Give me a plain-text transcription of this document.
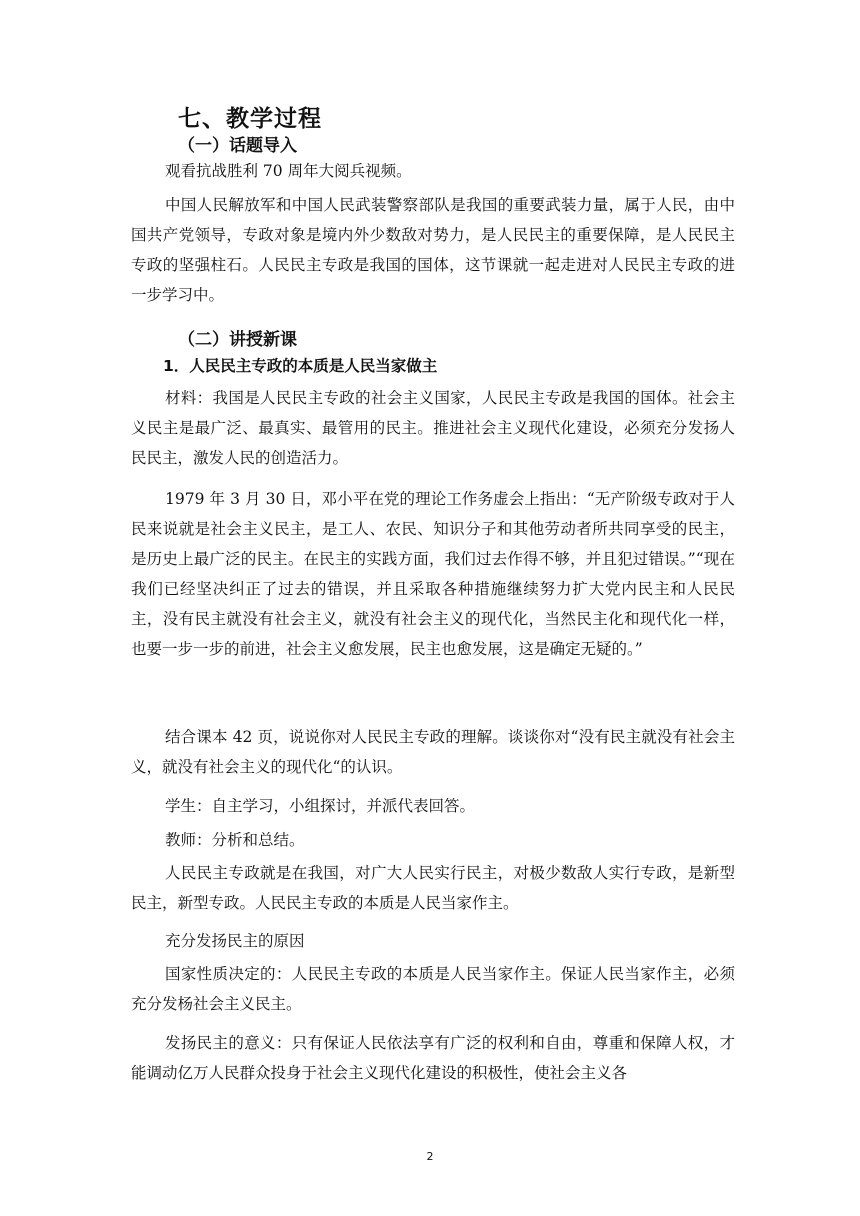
七、教学过程
（一）话题导入

观看抗战胜利 70 周年大阅兵视频。

中国人民解放军和中国人民武装警察部队是我国的重要武装力量，属于人民，由中国共产党领导，专政对象是境内外少数敌对势力，是人民民主的重要保障，是人民民主专政的坚强柱石。人民民主专政是我国的国体，这节课就一起走进对人民民主专政的进一步学习中。

（二）讲授新课
1．人民民主专政的本质是人民当家做主

材料：我国是人民民主专政的社会主义国家，人民民主专政是我国的国体。社会主义民主是最广泛、最真实、最管用的民主。推进社会主义现代化建设，必须充分发扬人民民主，激发人民的创造活力。

1979 年 3 月 30 日，邓小平在党的理论工作务虚会上指出：“无产阶级专政对于人民来说就是社会主义民主，是工人、农民、知识分子和其他劳动者所共同享受的民主，是历史上最广泛的民主。在民主的实践方面，我们过去作得不够，并且犯过错误。”“现在我们已经坚决纠正了过去的错误，并且采取各种措施继续努力扩大党内民主和人民民主，没有民主就没有社会主义，就没有社会主义的现代化，当然民主化和现代化一样，也要一步一步的前进，社会主义愈发展，民主也愈发展，这是确定无疑的。”

结合课本 42 页，说说你对人民民主专政的理解。谈谈你对“没有民主就没有社会主义，就没有社会主义的现代化“的认识。

学生：自主学习，小组探讨，并派代表回答。

教师：分析和总结。

人民民主专政就是在我国，对广大人民实行民主，对极少数敌人实行专政，是新型民主，新型专政。人民民主专政的本质是人民当家作主。

充分发扬民主的原因

国家性质决定的：人民民主专政的本质是人民当家作主。保证人民当家作主，必须充分发杨社会主义民主。

发扬民主的意义：只有保证人民依法享有广泛的权利和自由，尊重和保障人权，才能调动亿万人民群众投身于社会主义现代化建设的积极性，使社会主义各

2
